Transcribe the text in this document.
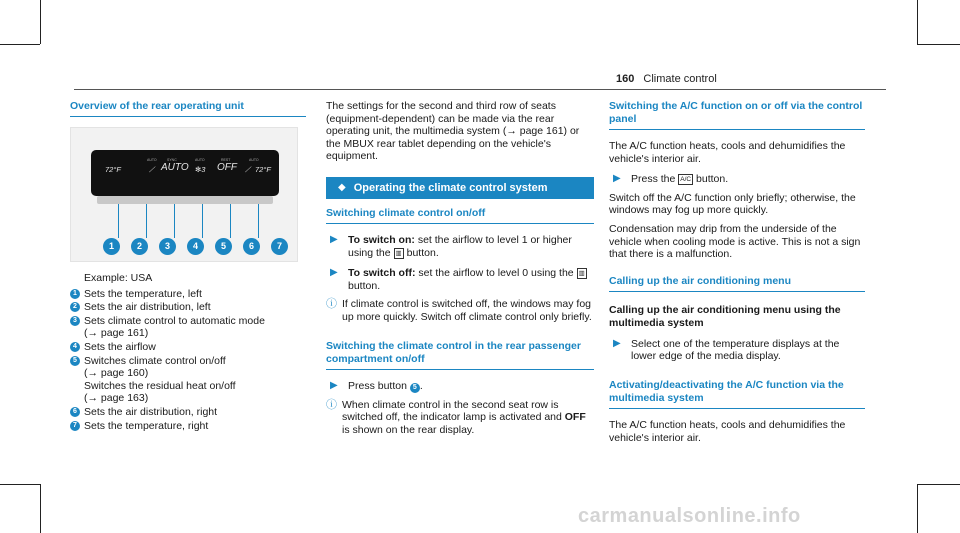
160 Climate control
Overview of the rear operating unit
AUTO	SYNC	AUTO	REST	AUTO
72°F	⟋ AUTO ✻3 OFF ⟋ 72°F
1	2	3	4	5	6	7
Example: USA
1 Sets the temperature, left
2 Sets the air distribution, left
3 Sets climate control to automatic mode
(→ page 161)
4 Sets the airflow
5 Switches climate control on/off
(→ page 160)
Switches the residual heat on/off
(→ page 163)
6 Sets the air distribution, right
7 Sets the temperature, right
The settings for the second and third row of seats (equipment-dependent) can be made via the rear operating unit, the multimedia system (→ page 161) or the MBUX rear tablet depending on the vehicle's equipment.
◆ Operating the climate control system
Switching climate control on/off
▶ To switch on: set the airflow to level 1 or higher using the ▥ button.
▶ To switch off: set the airflow to level 0 using the ▥ button.
ⓘ If climate control is switched off, the windows may fog up more quickly. Switch off climate control only briefly.
Switching the climate control in the rear passenger compartment on/off
▶ Press button 5 .
ⓘ When climate control in the second seat row is switched off, the indicator lamp is activated and OFF is shown on the rear display.
Switching the A/C function on or off via the control panel
The A/C function heats, cools and dehumidifies the vehicle's interior air.
▶ Press the A/C button.
Switch off the A/C function only briefly; otherwise, the windows may fog up more quickly.
Condensation may drip from the underside of the vehicle when cooling mode is active. This is not a sign that there is a malfunction.
Calling up the air conditioning menu
Calling up the air conditioning menu using the multimedia system
▶ Select one of the temperature displays at the lower edge of the media display.
Activating/deactivating the A/C function via the multimedia system
The A/C function heats, cools and dehumidifies the vehicle's interior air.
carmanualsonline.info
